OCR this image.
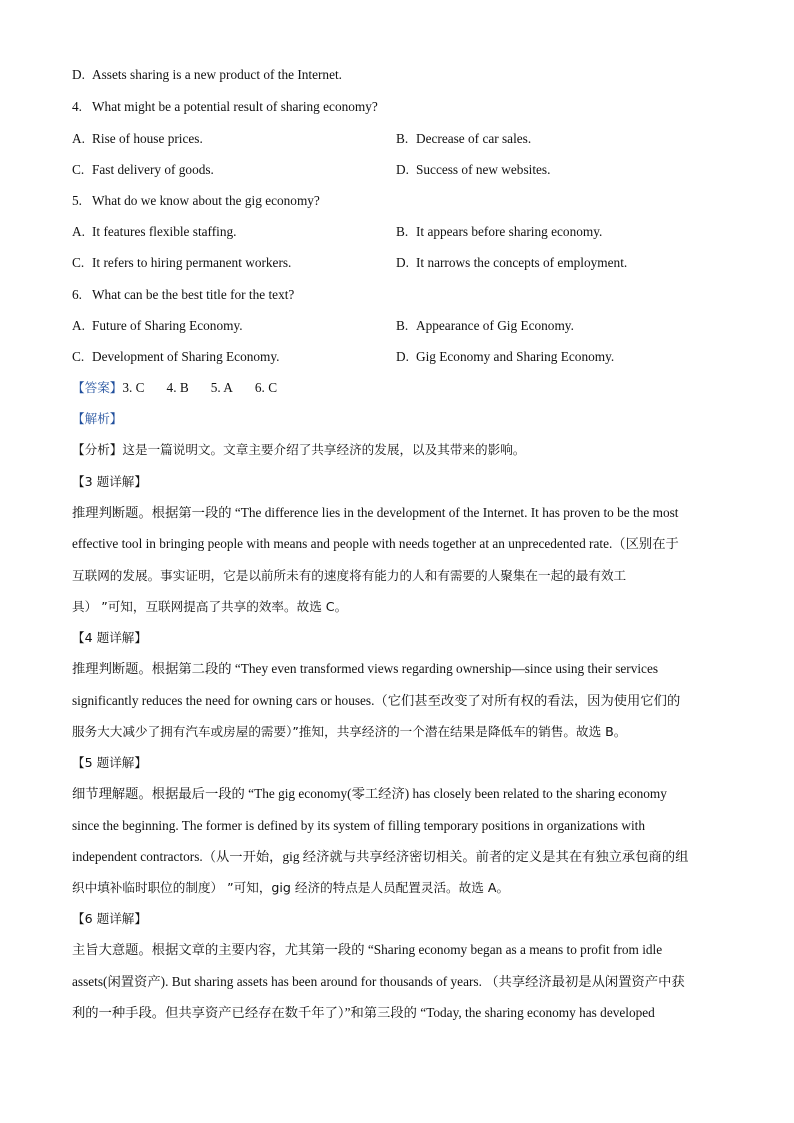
D. Assets sharing is a new product of the Internet.
4. What might be a potential result of sharing economy?
A. Rise of house prices.	B. Decrease of car sales.
C. Fast delivery of goods.	D. Success of new websites.
5. What do we know about the gig economy?
A. It features flexible staffing.	B. It appears before sharing economy.
C. It refers to hiring permanent workers.	D. It narrows the concepts of employment.
6. What can be the best title for the text?
A. Future of Sharing Economy.	B. Appearance of Gig Economy.
C. Development of Sharing Economy.	D. Gig Economy and Sharing Economy.
【答案】3. C 4. B 5. A 6. C
【解析】
【分析】这是一篇说明文。文章主要介绍了共享经济的发展，以及其带来的影响。
【3 题详解】
推理判断题。根据第一段的 “The difference lies in the development of the Internet. It has proven to be the most
effective tool in bringing people with means and people with needs together at an unprecedented rate.（区别在于
互联网的发展。事实证明，它是以前所未有的速度将有能力的人和有需要的人聚集在一起的最有效工
具） ”可知，互联网提高了共享的效率。故选 C。
【4 题详解】
推理判断题。根据第二段的 “They even transformed views regarding ownership—since using their services
significantly reduces the need for owning cars or houses.（它们甚至改变了对所有权的看法，因为使用它们的
服务大大减少了拥有汽车或房屋的需要）”推知，共享经济的一个潜在结果是降低车的销售。故选 B。
【5 题详解】
细节理解题。根据最后一段的 “The gig economy(零工经济) has closely been related to the sharing economy
since the beginning. The former is defined by its system of filling temporary positions in organizations with
independent contractors.（从一开始，gig 经济就与共享经济密切相关。前者的定义是其在有独立承包商的组
织中填补临时职位的制度） ”可知，gig 经济的特点是人员配置灵活。故选 A。
【6 题详解】
主旨大意题。根据文章的主要内容，尤其第一段的 “Sharing economy began as a means to profit from idle
assets(闲置资产). But sharing assets has been around for thousands of years. （共享经济最初是从闲置资产中获
利的一种手段。但共享资产已经存在数千年了）”和第三段的 “Today, the sharing economy has developed
